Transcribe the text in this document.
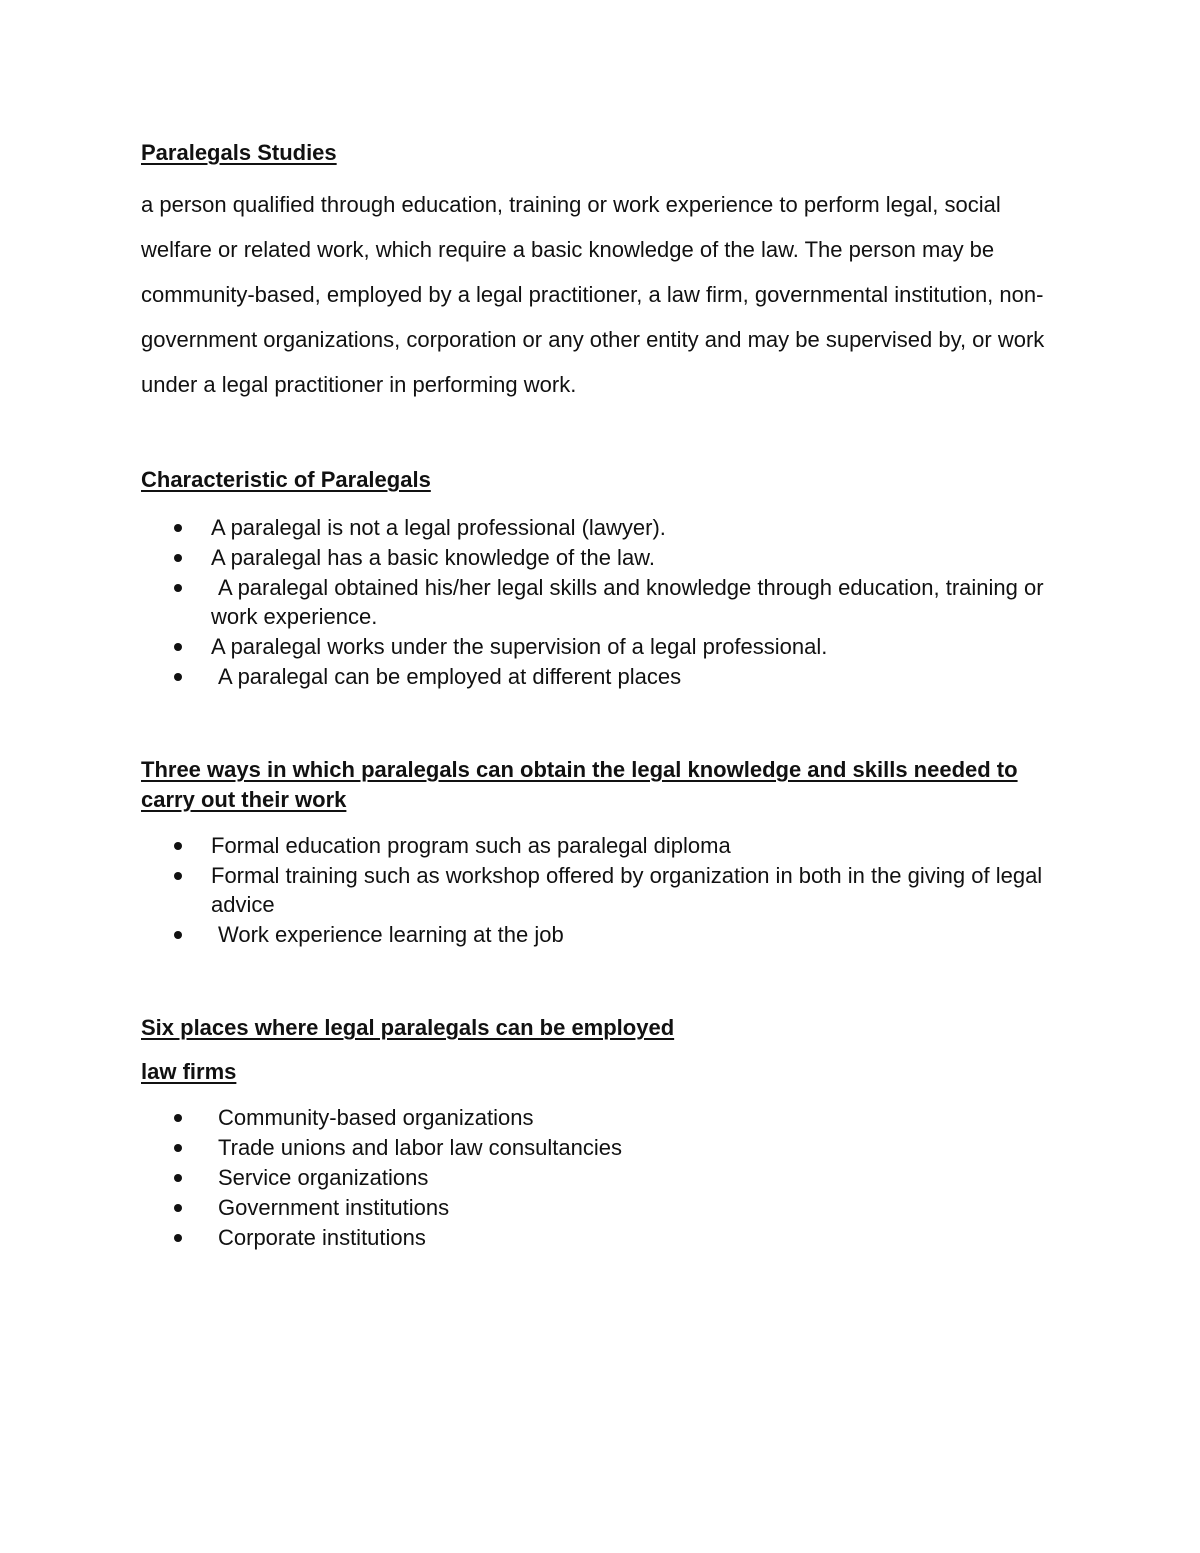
Paralegals Studies

a person qualified through education, training or work experience to perform legal, social welfare or related work, which require a basic knowledge of the law. The person may be community-based, employed by a legal practitioner, a law firm, governmental institution, non-government organizations, corporation or any other entity and may be supervised by, or work under a legal practitioner in performing work.

Characteristic of Paralegals

A paralegal is not a legal professional (lawyer).
A paralegal has a basic knowledge of the law.
A paralegal obtained his/her legal skills and knowledge through education, training or work experience.
A paralegal works under the supervision of a legal professional.
A paralegal can be employed at different places

Three ways in which paralegals can obtain the legal knowledge and skills needed to carry out their work

Formal education program such as paralegal diploma
Formal training such as workshop offered by organization in both in the giving of legal advice
Work experience learning at the job

Six places where legal paralegals can be employed

law firms

Community-based organizations
Trade unions and labor law consultancies
Service organizations
Government institutions
Corporate institutions
